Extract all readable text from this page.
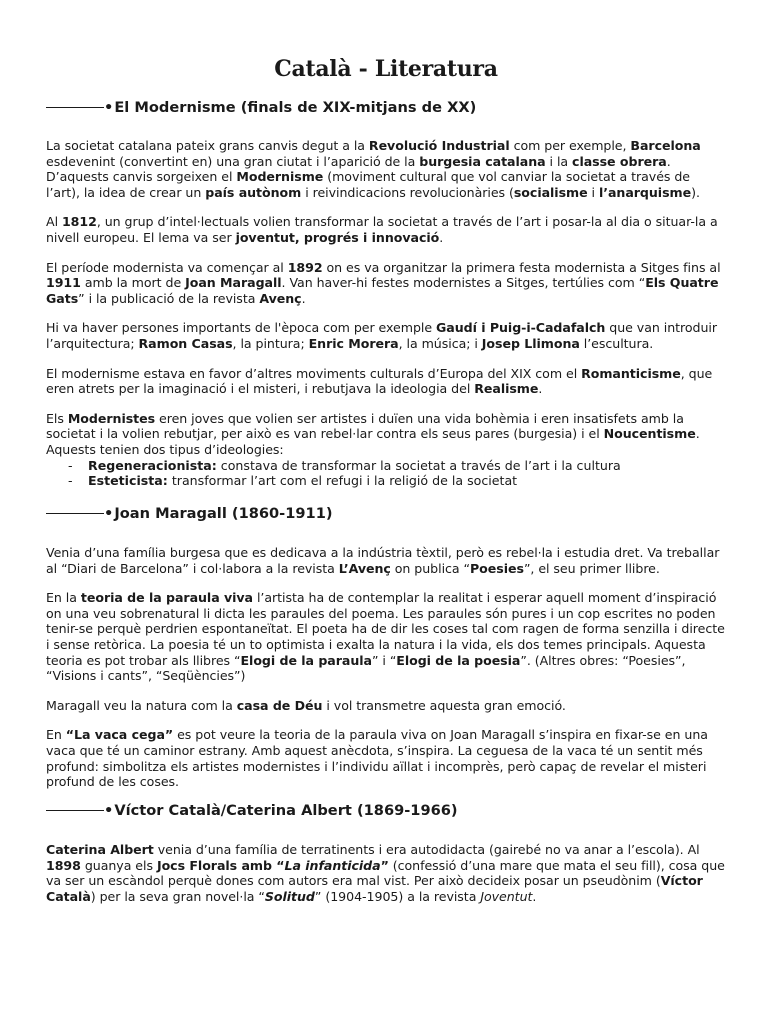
Català - Literatura
• El Modernisme (finals de XIX-mitjans de XX)

La societat catalana pateix grans canvis degut a la Revolució Industrial com per exemple, Barcelona esdevenint (convertint en) una gran ciutat i l’aparició de la burgesia catalana i la classe obrera. D’aquests canvis sorgeixen el Modernisme (moviment cultural que vol canviar la societat a través de l’art), la idea de crear un país autònom i reivindicacions revolucionàries (socialisme i l’anarquisme).

Al 1812, un grup d’intel·lectuals volien transformar la societat a través de l’art i posar-la al dia o situar-la a nivell europeu. El lema va ser joventut, progrés i innovació.

El període modernista va començar al 1892 on es va organitzar la primera festa modernista a Sitges fins al 1911 amb la mort de Joan Maragall. Van haver-hi festes modernistes a Sitges, tertúlies com “Els Quatre Gats” i la publicació de la revista Avenç.

Hi va haver persones importants de l'època com per exemple Gaudí i Puig-i-Cadafalch que van introduir l’arquitectura; Ramon Casas, la pintura; Enric Morera, la música; i Josep Llimona l’escultura.

El modernisme estava en favor d’altres moviments culturals d’Europa del XIX com el Romanticisme, que eren atrets per la imaginació i el misteri, i rebutjava la ideologia del Realisme.

Els Modernistes eren joves que volien ser artistes i duïen una vida bohèmia i eren insatisfets amb la societat i la volien rebutjar, per això es van rebel·lar contra els seus pares (burgesia) i el Noucentisme. Aquests tenien dos tipus d’ideologies:

- Regeneracionista: constava de transformar la societat a través de l’art i la cultura
- Esteticista: transformar l’art com el refugi i la religió de la societat
• Joan Maragall (1860-1911)

Venia d’una família burgesa que es dedicava a la indústria tèxtil, però es rebel·la i estudia dret. Va treballar al “Diari de Barcelona” i col·labora a la revista L’Avenç on publica “Poesies”, el seu primer llibre.

En la teoria de la paraula viva l’artista ha de contemplar la realitat i esperar aquell moment d’inspiració on una veu sobrenatural li dicta les paraules del poema. Les paraules són pures i un cop escrites no poden tenir-se perquè perdrien espontaneïtat. El poeta ha de dir les coses tal com ragen de forma senzilla i directe i sense retòrica. La poesia té un to optimista i exalta la natura i la vida, els dos temes principals. Aquesta teoria es pot trobar als llibres “Elogi de la paraula” i “Elogi de la poesia”. (Altres obres: “Poesies”, “Visions i cants”, “Seqüències”)

Maragall veu la natura com la casa de Déu i vol transmetre aquesta gran emoció.

En “La vaca cega” es pot veure la teoria de la paraula viva on Joan Maragall s’inspira en fixar-se en una vaca que té un caminor estrany. Amb aquest anècdota, s’inspira. La ceguesa de la vaca té un sentit més profund: simbolitza els artistes modernistes i l’individu aïllat i incomprès, però capaç de revelar el misteri profund de les coses.

• Víctor Català/Caterina Albert (1869-1966)

Caterina Albert venia d’una família de terratinents i era autodidacta (gairebé no va anar a l’escola). Al 1898 guanya els Jocs Florals amb “La infanticida” (confessió d’una mare que mata el seu fill), cosa que va ser un escàndol perquè dones com autors era mal vist. Per això decideix posar un pseudònim (Víctor Català) per la seva gran novel·la “Solitud” (1904-1905) a la revista Joventut.
